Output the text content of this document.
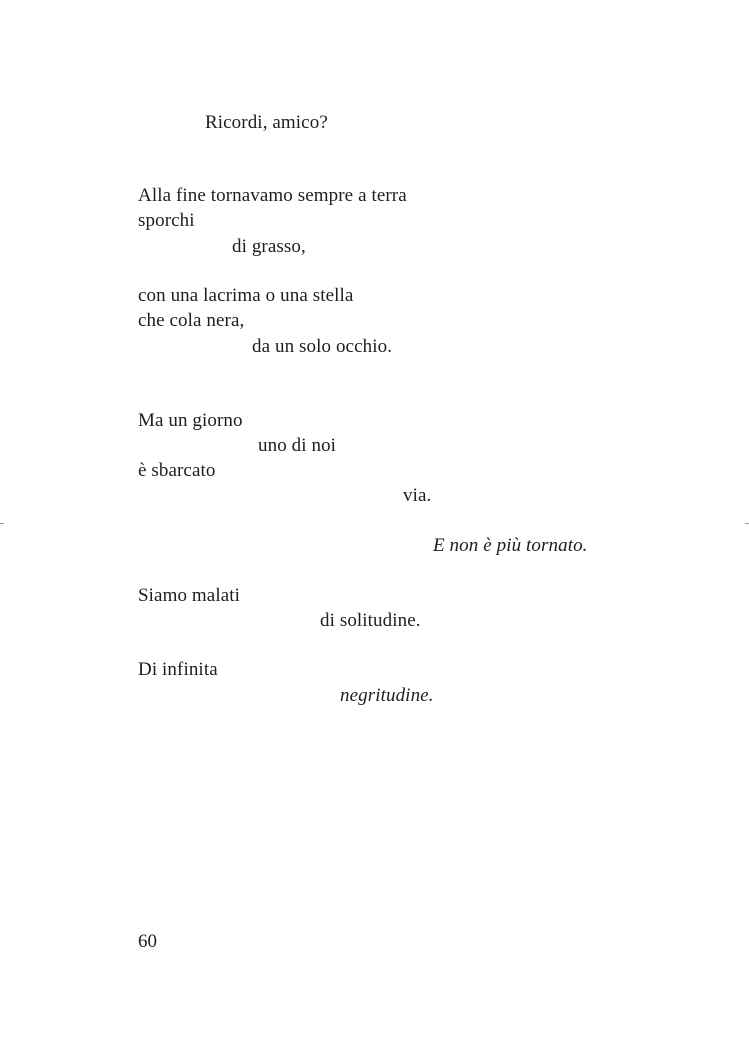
Ricordi, amico?
Alla fine tornavamo sempre a terra
sporchi
di grasso,
con una lacrima o una stella
che cola nera,
da un solo occhio.
Ma un giorno
uno di noi
è sbarcato
via.
E non è più tornato.
Siamo malati
di solitudine.
Di infinita
negritudine.
60
